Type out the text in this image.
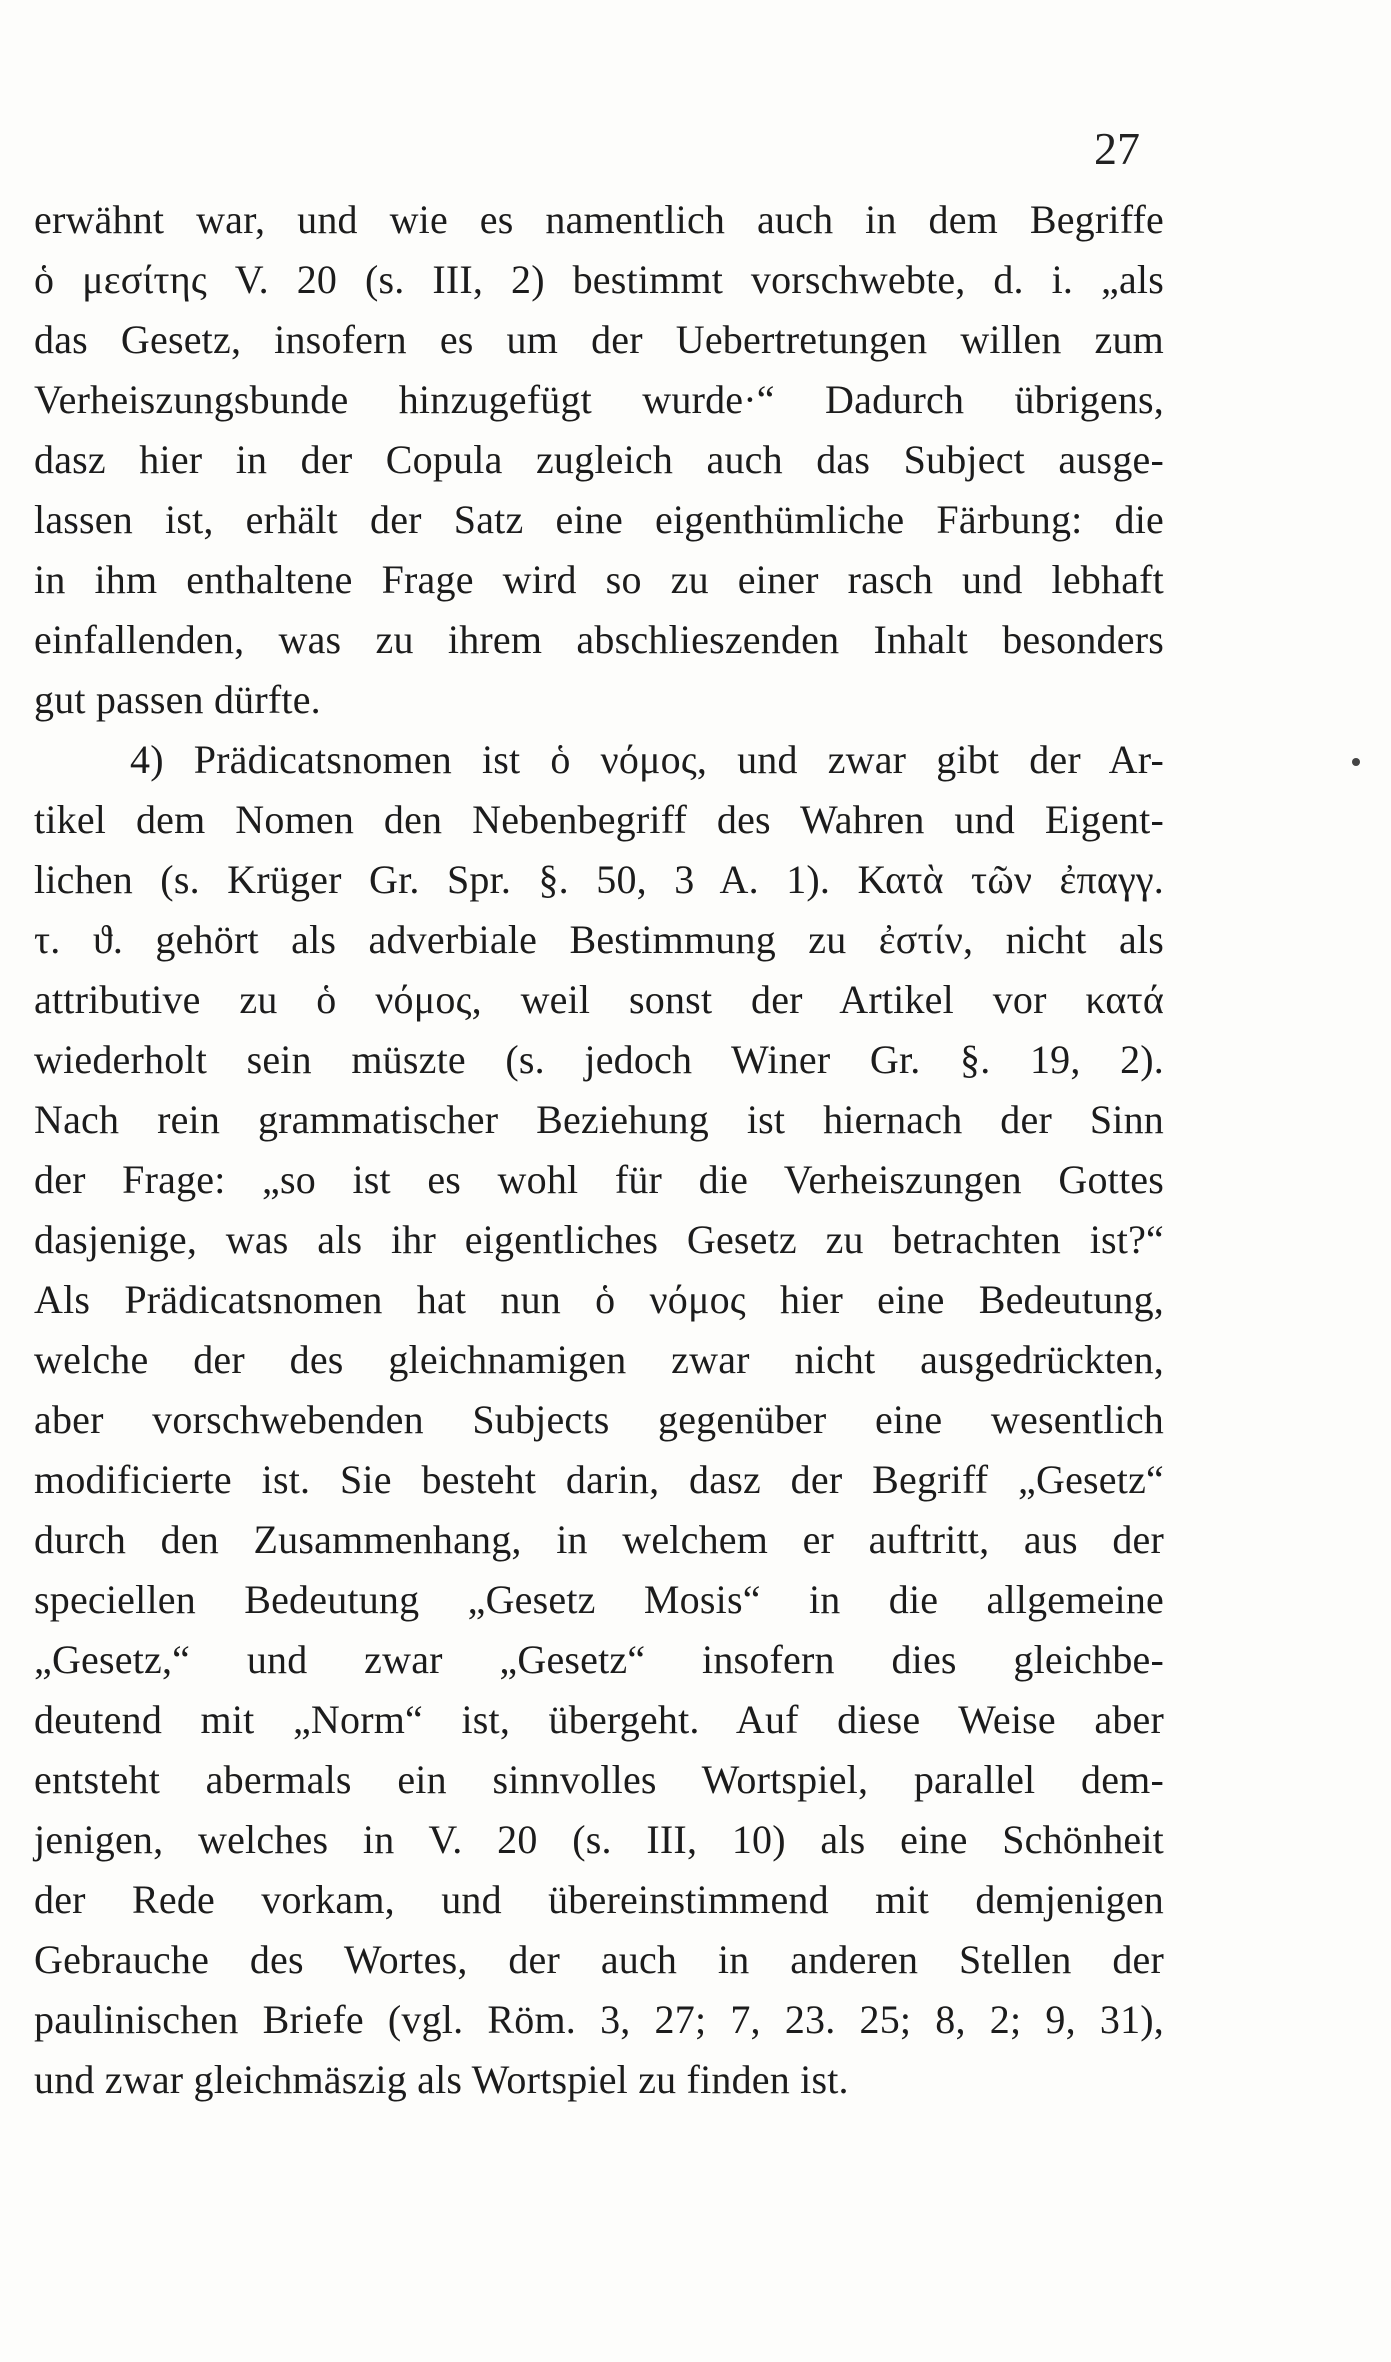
27
erwähnt war, und wie es namentlich auch in dem Begriffe
ὁ μεσίτης V. 20 (s. III, 2) bestimmt vorschwebte, d. i. „als
das Gesetz, insofern es um der Uebertretungen willen zum
Verheiszungsbunde hinzugefügt wurde·“ Dadurch übrigens,
dasz hier in der Copula zugleich auch das Subject ausge-
lassen ist, erhält der Satz eine eigenthümliche Färbung: die
in ihm enthaltene Frage wird so zu einer rasch und lebhaft
einfallenden, was zu ihrem abschlieszenden Inhalt besonders
gut passen dürfte.
4) Prädicatsnomen ist ὁ νόμος, und zwar gibt der Ar-
tikel dem Nomen den Nebenbegriff des Wahren und Eigent-
lichen (s. Krüger Gr. Spr. §. 50, 3 A. 1). Κατὰ τῶν ἐπαγγ.
τ. ϑ. gehört als adverbiale Bestimmung zu ἐστίν, nicht als
attributive zu ὁ νόμος, weil sonst der Artikel vor κατά
wiederholt sein müszte (s. jedoch Winer Gr. §. 19, 2).
Nach rein grammatischer Beziehung ist hiernach der Sinn
der Frage: „so ist es wohl für die Verheiszungen Gottes
dasjenige, was als ihr eigentliches Gesetz zu betrachten ist?“
Als Prädicatsnomen hat nun ὁ νόμος hier eine Bedeutung,
welche der des gleichnamigen zwar nicht ausgedrückten,
aber vorschwebenden Subjects gegenüber eine wesentlich
modificierte ist. Sie besteht darin, dasz der Begriff „Gesetz“
durch den Zusammenhang, in welchem er auftritt, aus der
speciellen Bedeutung „Gesetz Mosis“ in die allgemeine
„Gesetz,“ und zwar „Gesetz“ insofern dies gleichbe-
deutend mit „Norm“ ist, übergeht. Auf diese Weise aber
entsteht abermals ein sinnvolles Wortspiel, parallel dem-
jenigen, welches in V. 20 (s. III, 10) als eine Schönheit
der Rede vorkam, und übereinstimmend mit demjenigen
Gebrauche des Wortes, der auch in anderen Stellen der
paulinischen Briefe (vgl. Röm. 3, 27; 7, 23. 25; 8, 2; 9, 31),
und zwar gleichmäszig als Wortspiel zu finden ist.
